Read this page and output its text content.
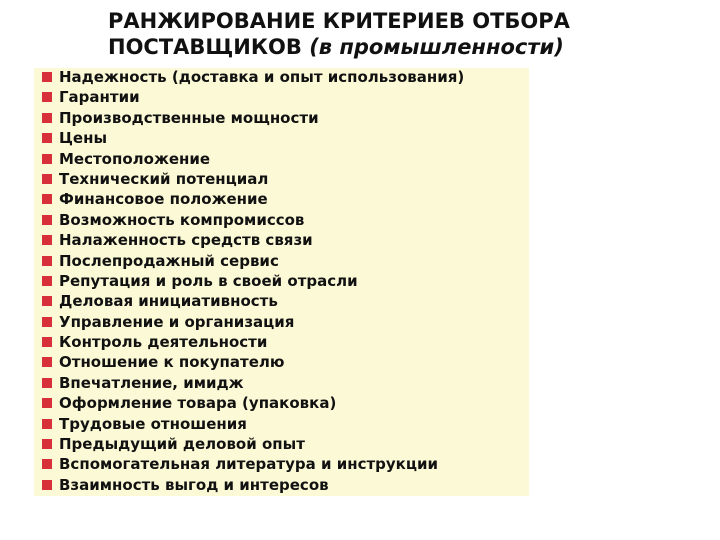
РАНЖИРОВАНИЕ КРИТЕРИЕВ ОТБОРА
ПОСТАВЩИКОВ (в промышленности)
Надежность (доставка и опыт использования)
Гарантии
Производственные мощности
Цены
Местоположение
Технический потенциал
Финансовое положение
Возможность компромиссов
Налаженность средств связи
Послепродажный сервис
Репутация и роль в своей отрасли
Деловая инициативность
Управление и организация
Контроль деятельности
Отношение к покупателю
Впечатление, имидж
Оформление товара (упаковка)
Трудовые отношения
Предыдущий деловой опыт
Вспомогательная литература и инструкции
Взаимность выгод и интересов
